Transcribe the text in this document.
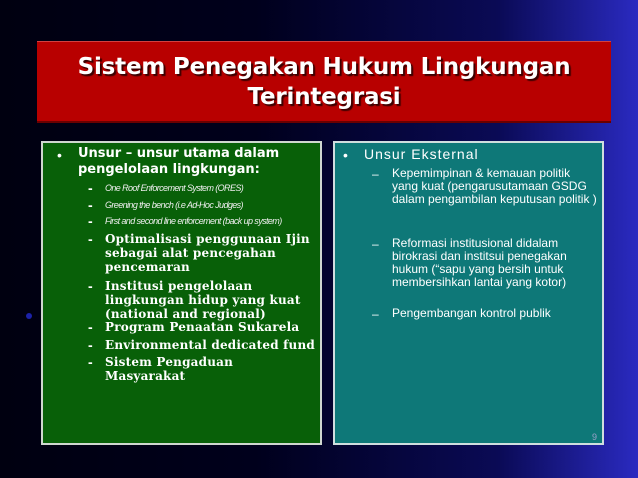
Sistem Penegakan Hukum Lingkungan Terintegrasi
• Unsur – unsur utama dalam pengelolaan lingkungan:
- One Roof Enforcement System (ORES)
- Greening the bench (i.e Ad-Hoc Judges)
- First and second line enforcement (back up system)
- Optimalisasi penggunaan Ijin sebagai alat pencegahan pencemaran
- Institusi pengelolaan lingkungan hidup yang kuat (national and regional)
- Program Penaatan Sukarela
- Environmental dedicated fund
- Sistem Pengaduan Masyarakat
• Unsur Eksternal
– Kepemimpinan & kemauan politik yang kuat (pengarusutamaan GSDG dalam pengambilan keputusan politik )
– Reformasi institusional didalam birokrasi dan institsui penegakan hukum (“sapu yang bersih untuk membersihkan lantai yang kotor)
– Pengembangan kontrol publik
9
